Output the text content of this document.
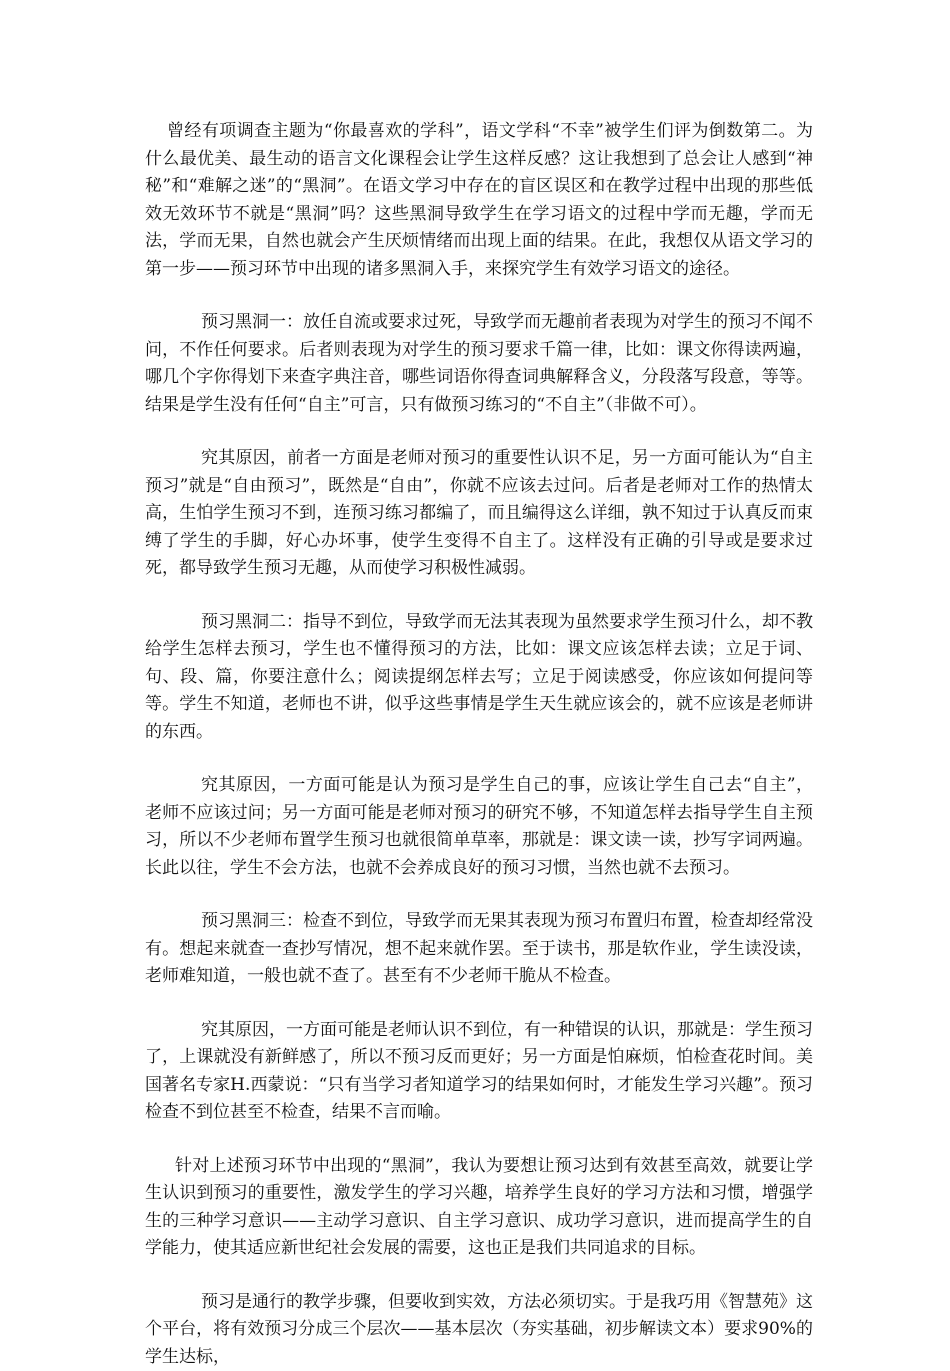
曾经有项调查主题为“你最喜欢的学科”，语文学科“不幸”被学生们评为倒数第二。为什么最优美、最生动的语言文化课程会让学生这样反感？这让我想到了总会让人感到“神秘”和“难解之迷”的“黑洞”。在语文学习中存在的盲区误区和在教学过程中出现的那些低效无效环节不就是“黑洞”吗？这些黑洞导致学生在学习语文的过程中学而无趣，学而无法，学而无果，自然也就会产生厌烦情绪而出现上面的结果。在此，我想仅从语文学习的第一步——预习环节中出现的诸多黑洞入手，来探究学生有效学习语文的途径。

预习黑洞一：放任自流或要求过死，导致学而无趣前者表现为对学生的预习不闻不问，不作任何要求。后者则表现为对学生的预习要求千篇一律，比如：课文你得读两遍，哪几个字你得划下来查字典注音，哪些词语你得查词典解释含义，分段落写段意，等等。结果是学生没有任何“自主”可言，只有做预习练习的“不自主”（非做不可）。

究其原因，前者一方面是老师对预习的重要性认识不足，另一方面可能认为“自主预习”就是“自由预习”，既然是“自由”，你就不应该去过问。后者是老师对工作的热情太高，生怕学生预习不到，连预习练习都编了，而且编得这么详细，孰不知过于认真反而束缚了学生的手脚，好心办坏事，使学生变得不自主了。这样没有正确的引导或是要求过死，都导致学生预习无趣，从而使学习积极性减弱。

预习黑洞二：指导不到位，导致学而无法其表现为虽然要求学生预习什么，却不教给学生怎样去预习，学生也不懂得预习的方法，比如：课文应该怎样去读；立足于词、句、段、篇，你要注意什么；阅读提纲怎样去写；立足于阅读感受，你应该如何提问等等。学生不知道，老师也不讲，似乎这些事情是学生天生就应该会的，就不应该是老师讲的东西。

究其原因，一方面可能是认为预习是学生自己的事，应该让学生自己去“自主”，老师不应该过问；另一方面可能是老师对预习的研究不够，不知道怎样去指导学生自主预习，所以不少老师布置学生预习也就很简单草率，那就是：课文读一读，抄写字词两遍。长此以往，学生不会方法，也就不会养成良好的预习习惯，当然也就不去预习。

预习黑洞三：检查不到位，导致学而无果其表现为预习布置归布置，检查却经常没有。想起来就查一查抄写情况，想不起来就作罢。至于读书，那是软作业，学生读没读，老师难知道，一般也就不查了。甚至有不少老师干脆从不检查。

究其原因，一方面可能是老师认识不到位，有一种错误的认识，那就是：学生预习了，上课就没有新鲜感了，所以不预习反而更好；另一方面是怕麻烦，怕检查花时间。美国著名专家H.西蒙说：“只有当学习者知道学习的结果如何时，才能发生学习兴趣”。预习检查不到位甚至不检查，结果不言而喻。

针对上述预习环节中出现的“黑洞”，我认为要想让预习达到有效甚至高效，就要让学生认识到预习的重要性，激发学生的学习兴趣，培养学生良好的学习方法和习惯，增强学生的三种学习意识——主动学习意识、自主学习意识、成功学习意识，进而提高学生的自学能力，使其适应新世纪社会发展的需要，这也正是我们共同追求的目标。

预习是通行的教学步骤，但要收到实效，方法必须切实。于是我巧用《智慧苑》这个平台，将有效预习分成三个层次——基本层次（夯实基础，初步解读文本）要求90%的学生达标，
